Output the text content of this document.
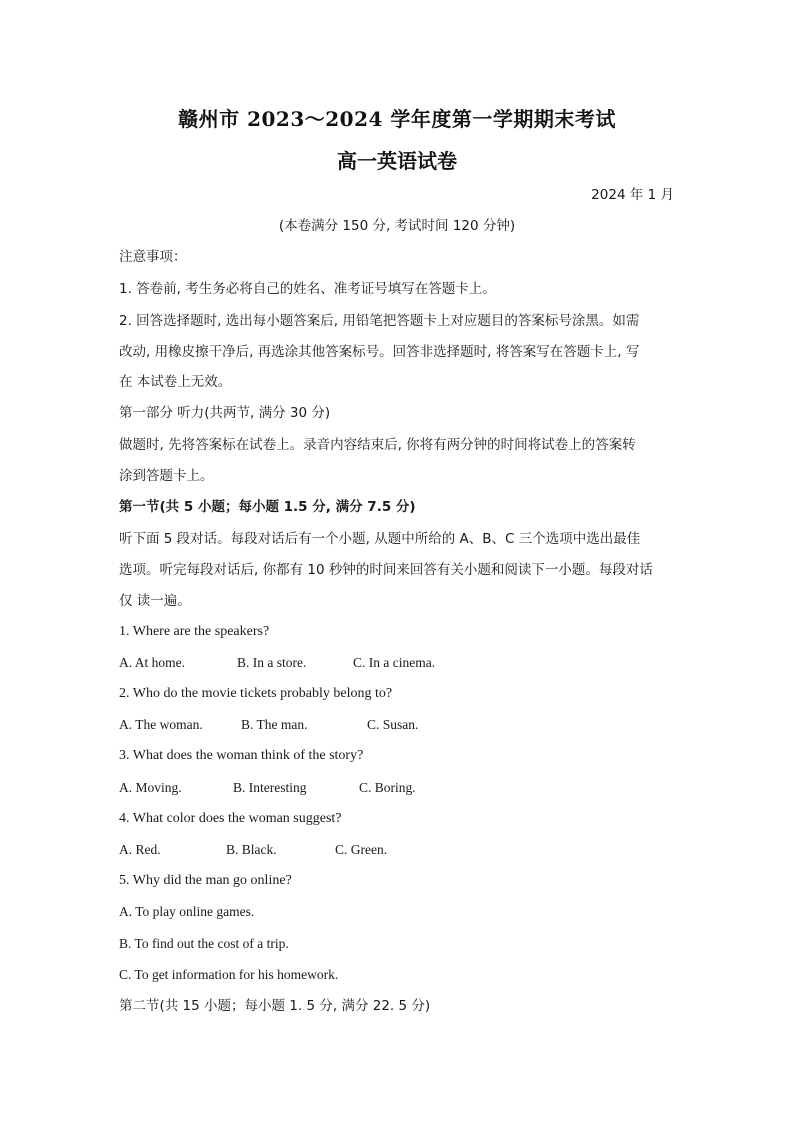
赣州市 2023～2024 学年度第一学期期末考试
高一英语试卷
2024 年 1 月
(本卷满分 150 分, 考试时间 120 分钟)
注意事项：
1. 答卷前, 考生务必将自己的姓名、准考证号填写在答题卡上。
2. 回答选择题时, 选出每小题答案后, 用铅笔把答题卡上对应题目的答案标号涂黑。如需
改动, 用橡皮擦干净后, 再选涂其他答案标号。回答非选择题时, 将答案写在答题卡上, 写
在 本试卷上无效。
第一部分 听力(共两节, 满分 30 分)
做题时, 先将答案标在试卷上。录音内容结束后, 你将有两分钟的时间将试卷上的答案转
涂到答题卡上。
第一节(共 5 小题；每小题 1.5 分, 满分 7.5 分)
听下面 5 段对话。每段对话后有一个小题, 从题中所给的 A、B、C 三个选项中选出最佳
选项。听完每段对话后, 你都有 10 秒钟的时间来回答有关小题和阅读下一小题。每段对话
仅 读一遍。
1. Where are the speakers?
A. At home.	B. In a store.	C. In a cinema.
2. Who do the movie tickets probably belong to?
A. The woman.	B. The man.	C. Susan.
3. What does the woman think of the story?
A. Moving.	B. Interesting	C. Boring.
4. What color does the woman suggest?
A. Red.	B. Black.	C. Green.
5. Why did the man go online?
A. To play online games.
B. To find out the cost of a trip.
C. To get information for his homework.
第二节(共 15 小题；每小题 1. 5 分, 满分 22. 5 分)
